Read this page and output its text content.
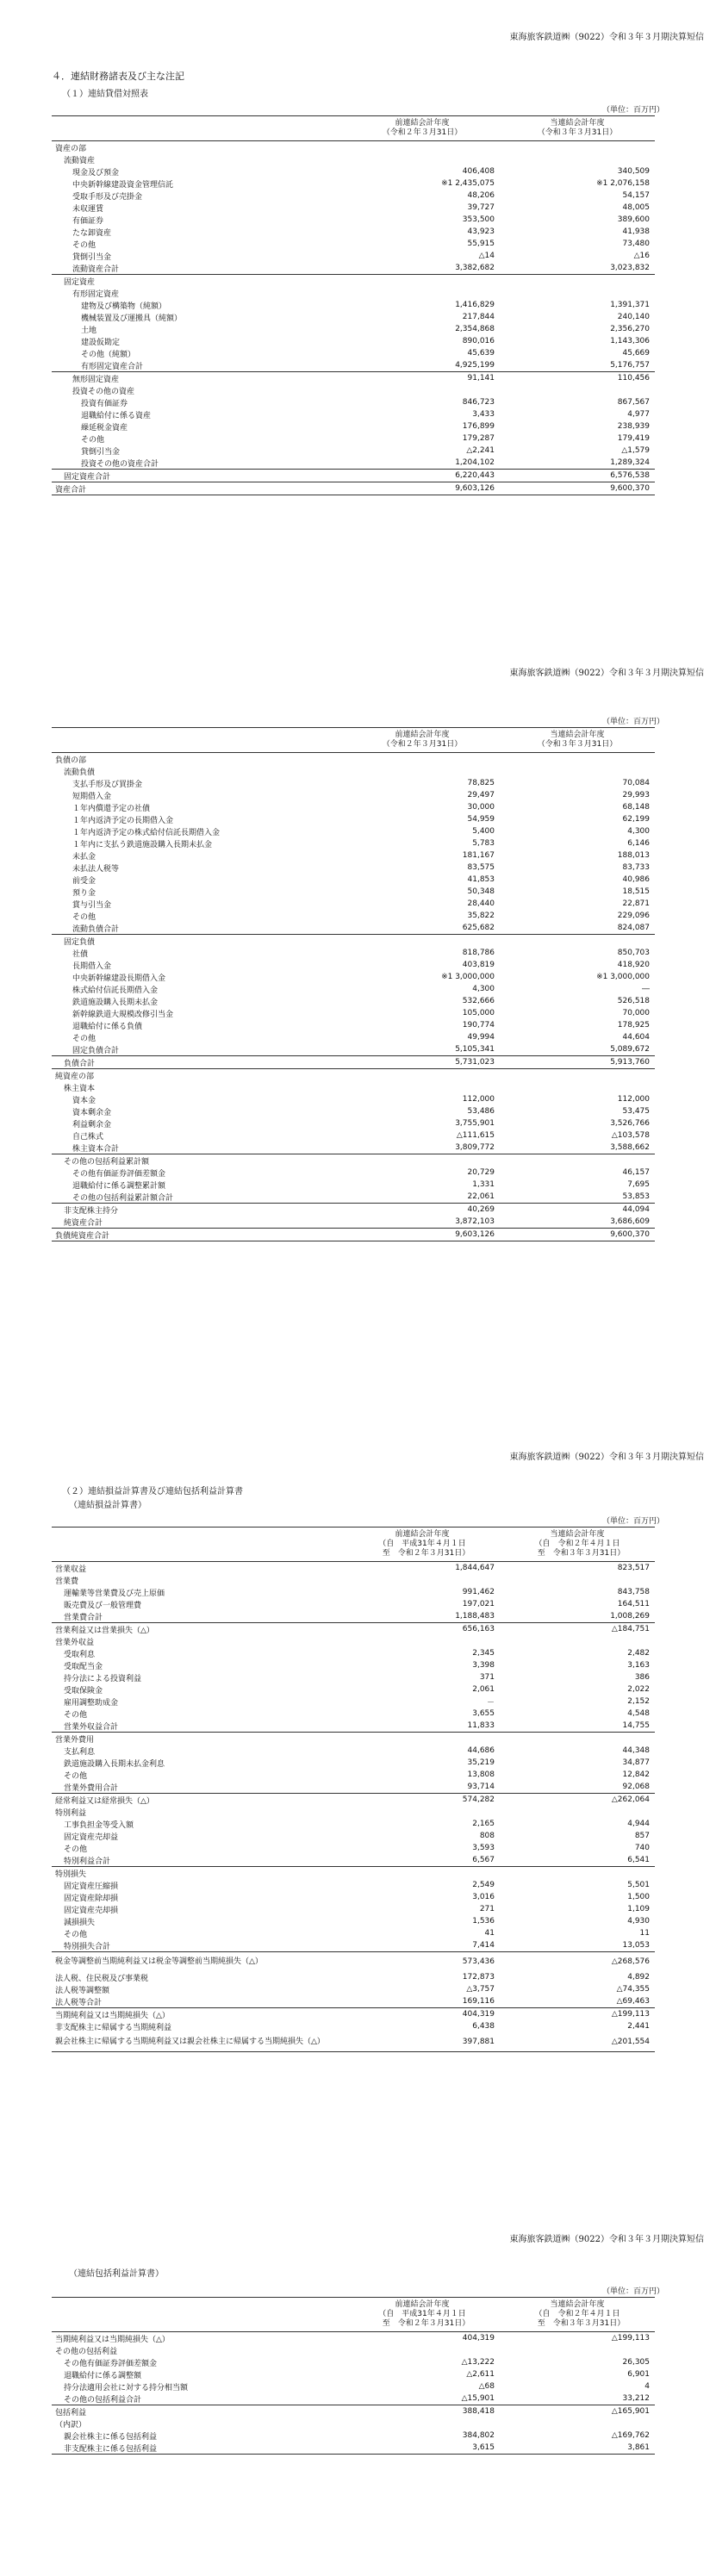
東海旅客鉄道㈱（9022）令和３年３月期決算短信
４．連結財務諸表及び主な注記
（１）連結貸借対照表
（単位：百万円）
	前連結会計年度
（令和２年３月31日）	当連結会計年度
（令和３年３月31日）
資産の部		
流動資産		
現金及び預金	406,408	340,509
中央新幹線建設資金管理信託	※1 2,435,075	※1 2,076,158
受取手形及び売掛金	48,206	54,157
未収運賃	39,727	48,005
有価証券	353,500	389,600
たな卸資産	43,923	41,938
その他	55,915	73,480
貸倒引当金	△14	△16
流動資産合計	3,382,682	3,023,832
固定資産		
有形固定資産		
建物及び構築物（純額）	1,416,829	1,391,371
機械装置及び運搬具（純額）	217,844	240,140
土地	2,354,868	2,356,270
建設仮勘定	890,016	1,143,306
その他（純額）	45,639	45,669
有形固定資産合計	4,925,199	5,176,757
無形固定資産	91,141	110,456
投資その他の資産		
投資有価証券	846,723	867,567
退職給付に係る資産	3,433	4,977
繰延税金資産	176,899	238,939
その他	179,287	179,419
貸倒引当金	△2,241	△1,579
投資その他の資産合計	1,204,102	1,289,324
固定資産合計	6,220,443	6,576,538
資産合計	9,603,126	9,600,370
東海旅客鉄道㈱（9022）令和３年３月期決算短信
（単位：百万円）
	前連結会計年度
（令和２年３月31日）	当連結会計年度
（令和３年３月31日）
負債の部		
流動負債		
支払手形及び買掛金	78,825	70,084
短期借入金	29,497	29,993
１年内償還予定の社債	30,000	68,148
１年内返済予定の長期借入金	54,959	62,199
１年内返済予定の株式給付信託長期借入金	5,400	4,300
１年内に支払う鉄道施設購入長期未払金	5,783	6,146
未払金	181,167	188,013
未払法人税等	83,575	83,733
前受金	41,853	40,986
預り金	50,348	18,515
賞与引当金	28,440	22,871
その他	35,822	229,096
流動負債合計	625,682	824,087
固定負債		
社債	818,786	850,703
長期借入金	403,819	418,920
中央新幹線建設長期借入金	※1 3,000,000	※1 3,000,000
株式給付信託長期借入金	4,300	―
鉄道施設購入長期未払金	532,666	526,518
新幹線鉄道大規模改修引当金	105,000	70,000
退職給付に係る負債	190,774	178,925
その他	49,994	44,604
固定負債合計	5,105,341	5,089,672
負債合計	5,731,023	5,913,760
純資産の部		
株主資本		
資本金	112,000	112,000
資本剰余金	53,486	53,475
利益剰余金	3,755,901	3,526,766
自己株式	△111,615	△103,578
株主資本合計	3,809,772	3,588,662
その他の包括利益累計額		
その他有価証券評価差額金	20,729	46,157
退職給付に係る調整累計額	1,331	7,695
その他の包括利益累計額合計	22,061	53,853
非支配株主持分	40,269	44,094
純資産合計	3,872,103	3,686,609
負債純資産合計	9,603,126	9,600,370
東海旅客鉄道㈱（9022）令和３年３月期決算短信
（２）連結損益計算書及び連結包括利益計算書
（連結損益計算書）
（単位：百万円）
	前連結会計年度
（自　平成31年４月１日
　至　令和２年３月31日）	当連結会計年度
（自　令和２年４月１日
　至　令和３年３月31日）
営業収益	1,844,647	823,517
営業費		
運輸業等営業費及び売上原価	991,462	843,758
販売費及び一般管理費	197,021	164,511
営業費合計	1,188,483	1,008,269
営業利益又は営業損失（△）	656,163	△184,751
営業外収益		
受取利息	2,345	2,482
受取配当金	3,398	3,163
持分法による投資利益	371	386
受取保険金	2,061	2,022
雇用調整助成金	－	2,152
その他	3,655	4,548
営業外収益合計	11,833	14,755
営業外費用		
支払利息	44,686	44,348
鉄道施設購入長期未払金利息	35,219	34,877
その他	13,808	12,842
営業外費用合計	93,714	92,068
経常利益又は経常損失（△）	574,282	△262,064
特別利益		
工事負担金等受入額	2,165	4,944
固定資産売却益	808	857
その他	3,593	740
特別利益合計	6,567	6,541
特別損失		
固定資産圧縮損	2,549	5,501
固定資産除却損	3,016	1,500
固定資産売却損	271	1,109
減損損失	1,536	4,930
その他	41	11
特別損失合計	7,414	13,053
税金等調整前当期純利益又は税金等調整前当期純損失（△）	573,436	△268,576
法人税、住民税及び事業税	172,873	4,892
法人税等調整額	△3,757	△74,355
法人税等合計	169,116	△69,463
当期純利益又は当期純損失（△）	404,319	△199,113
非支配株主に帰属する当期純利益	6,438	2,441
親会社株主に帰属する当期純利益又は親会社株主に帰属する当期純損失（△）	397,881	△201,554
東海旅客鉄道㈱（9022）令和３年３月期決算短信
（連結包括利益計算書）
（単位：百万円）
	前連結会計年度
（自　平成31年４月１日
　至　令和２年３月31日）	当連結会計年度
（自　令和２年４月１日
　至　令和３年３月31日）
当期純利益又は当期純損失（△）	404,319	△199,113
その他の包括利益		
その他有価証券評価差額金	△13,222	26,305
退職給付に係る調整額	△2,611	6,901
持分法適用会社に対する持分相当額	△68	4
その他の包括利益合計	△15,901	33,212
包括利益	388,418	△165,901
（内訳）		
親会社株主に係る包括利益	384,802	△169,762
非支配株主に係る包括利益	3,615	3,861
